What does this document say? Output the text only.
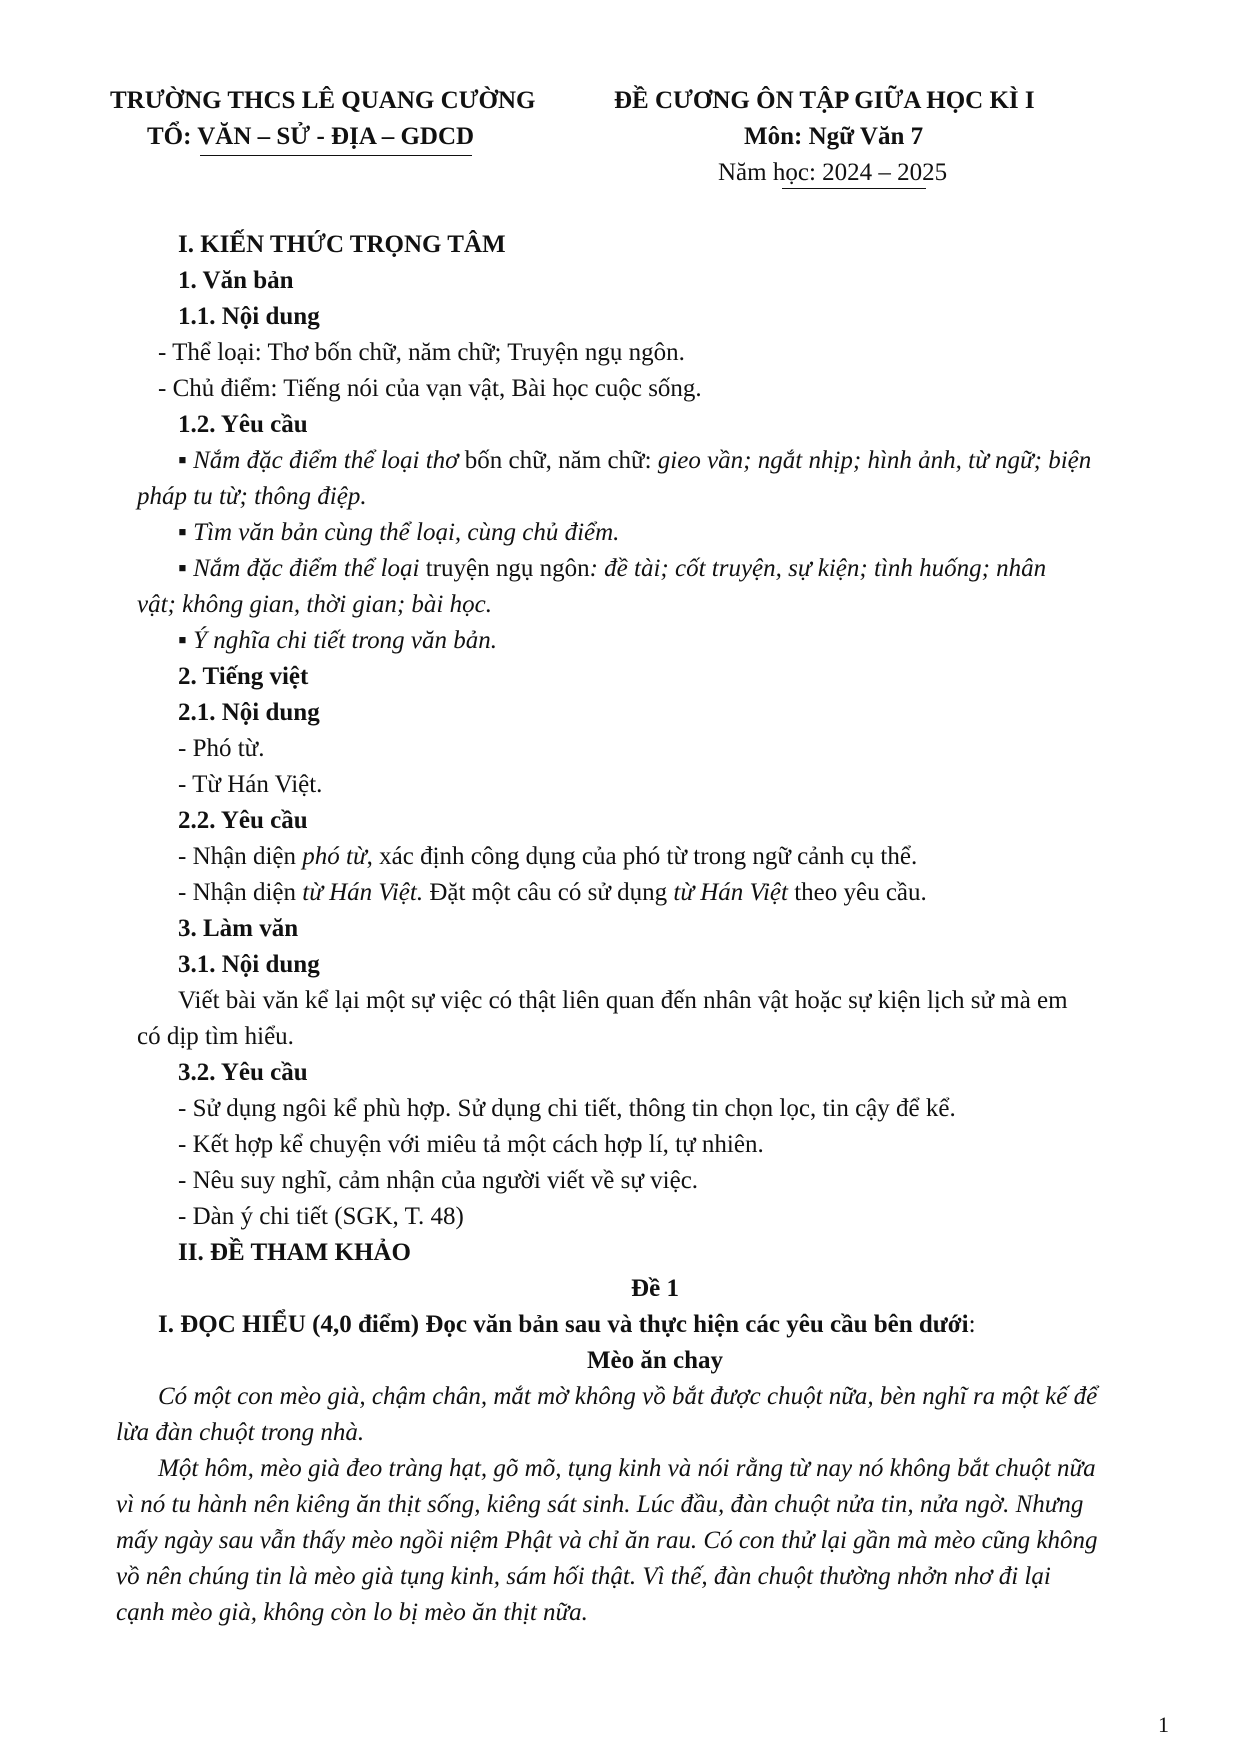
TRƯỜNG THCS LÊ QUANG CƯỜNG
TỔ: VĂN – SỬ - ĐỊA – GDCD
ĐỀ CƯƠNG ÔN TẬP GIỮA HỌC KÌ I
Môn: Ngữ Văn 7
Năm học: 2024 – 2025
I. KIẾN THỨC TRỌNG TÂM
1. Văn bản
1.1. Nội dung
- Thể loại: Thơ bốn chữ, năm chữ; Truyện ngụ ngôn.
- Chủ điểm: Tiếng nói của vạn vật, Bài học cuộc sống.
1.2. Yêu cầu
▪ Nắm đặc điểm thể loại thơ bốn chữ, năm chữ: gieo vần; ngắt nhịp; hình ảnh, từ ngữ; biện
pháp tu từ; thông điệp.
▪ Tìm văn bản cùng thể loại, cùng chủ điểm.
▪ Nắm đặc điểm thể loại truyện ngụ ngôn: đề tài; cốt truyện, sự kiện; tình huống; nhân
vật; không gian, thời gian; bài học.
▪ Ý nghĩa chi tiết trong văn bản.
2. Tiếng việt
2.1. Nội dung
- Phó từ.
- Từ Hán Việt.
2.2. Yêu cầu
- Nhận diện phó từ, xác định công dụng của phó từ trong ngữ cảnh cụ thể.
- Nhận diện từ Hán Việt. Đặt một câu có sử dụng từ Hán Việt theo yêu cầu.
3. Làm văn
3.1. Nội dung
Viết bài văn kể lại một sự việc có thật liên quan đến nhân vật hoặc sự kiện lịch sử mà em
có dịp tìm hiểu.
3.2. Yêu cầu
- Sử dụng ngôi kể phù hợp. Sử dụng chi tiết, thông tin chọn lọc, tin cậy để kể.
- Kết hợp kể chuyện với miêu tả một cách hợp lí, tự nhiên.
- Nêu suy nghĩ, cảm nhận của người viết về sự việc.
- Dàn ý chi tiết (SGK, T. 48)
II. ĐỀ THAM KHẢO
Đề 1
I. ĐỌC HIỂU (4,0 điểm) Đọc văn bản sau và thực hiện các yêu cầu bên dưới:
Mèo ăn chay
Có một con mèo già, chậm chân, mắt mờ không vồ bắt được chuột nữa, bèn nghĩ ra một kế để
lừa đàn chuột trong nhà.
Một hôm, mèo già đeo tràng hạt, gõ mõ, tụng kinh và nói rằng từ nay nó không bắt chuột nữa
vì nó tu hành nên kiêng ăn thịt sống, kiêng sát sinh. Lúc đầu, đàn chuột nửa tin, nửa ngờ. Nhưng
mấy ngày sau vẫn thấy mèo ngồi niệm Phật và chỉ ăn rau. Có con thử lại gần mà mèo cũng không
vồ nên chúng tin là mèo già tụng kinh, sám hối thật. Vì thế, đàn chuột thường nhởn nhơ đi lại
cạnh mèo già, không còn lo bị mèo ăn thịt nữa.
1
